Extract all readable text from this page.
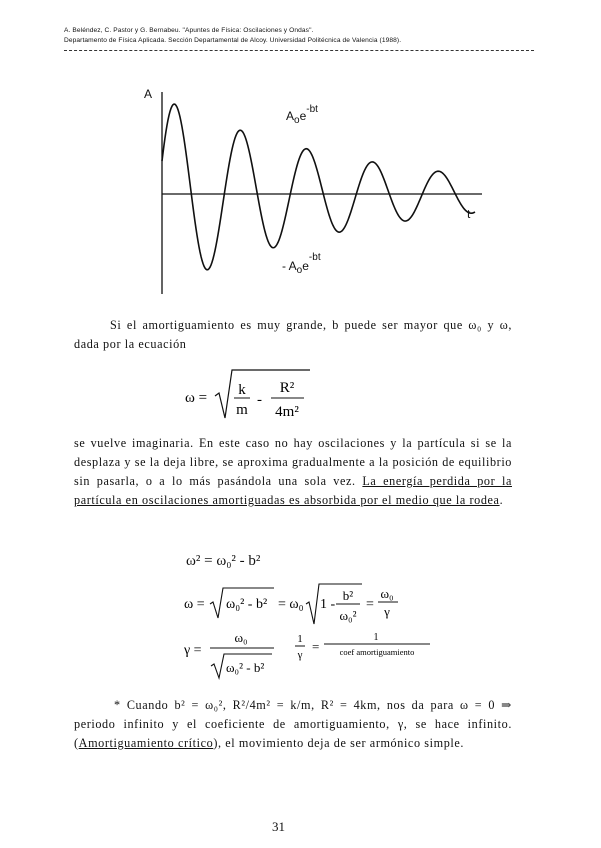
A. Beléndez, C. Pastor y G. Bernabeu. "Apuntes de Física: Oscilaciones y Ondas".
Departamento de Física Aplicada. Sección Departamental de Alcoy. Universidad Politécnica de Valencia (1988).
A
t
$A_oe^{-bt}$
- $A_oe^{-bt}$
Si el amortiguamiento es muy grande, b puede ser mayor que ω₀ y ω, dada por la ecuación
ω = k
m
-
R²
4m²
se vuelve imaginaria. En este caso no hay oscilaciones y la partícula si se la desplaza y se la deja libre, se aproxima gradualmente a la posición de equilibrio sin pasarla, o a lo más pasándola una sola vez. La energía perdida por la partícula en oscilaciones amortiguadas es absorbida por el medio que la rodea.
ω² = ω₀² - b²
ω = ω₀² - b² = ω₀ 1 -
b²
ω₀²
=
ω₀
γ
γ =
ω₀
ω₀² - b²
1
γ
=
1
coef amortiguamiento
* Cuando b² = ω₀², R²/4m² = k/m, R² = 4km, nos da para ω = 0 ⇒ periodo infinito y el coeficiente de amortiguamiento, γ, se hace infinito. (Amortiguamiento crítico), el movimiento deja de ser armónico simple.
31
